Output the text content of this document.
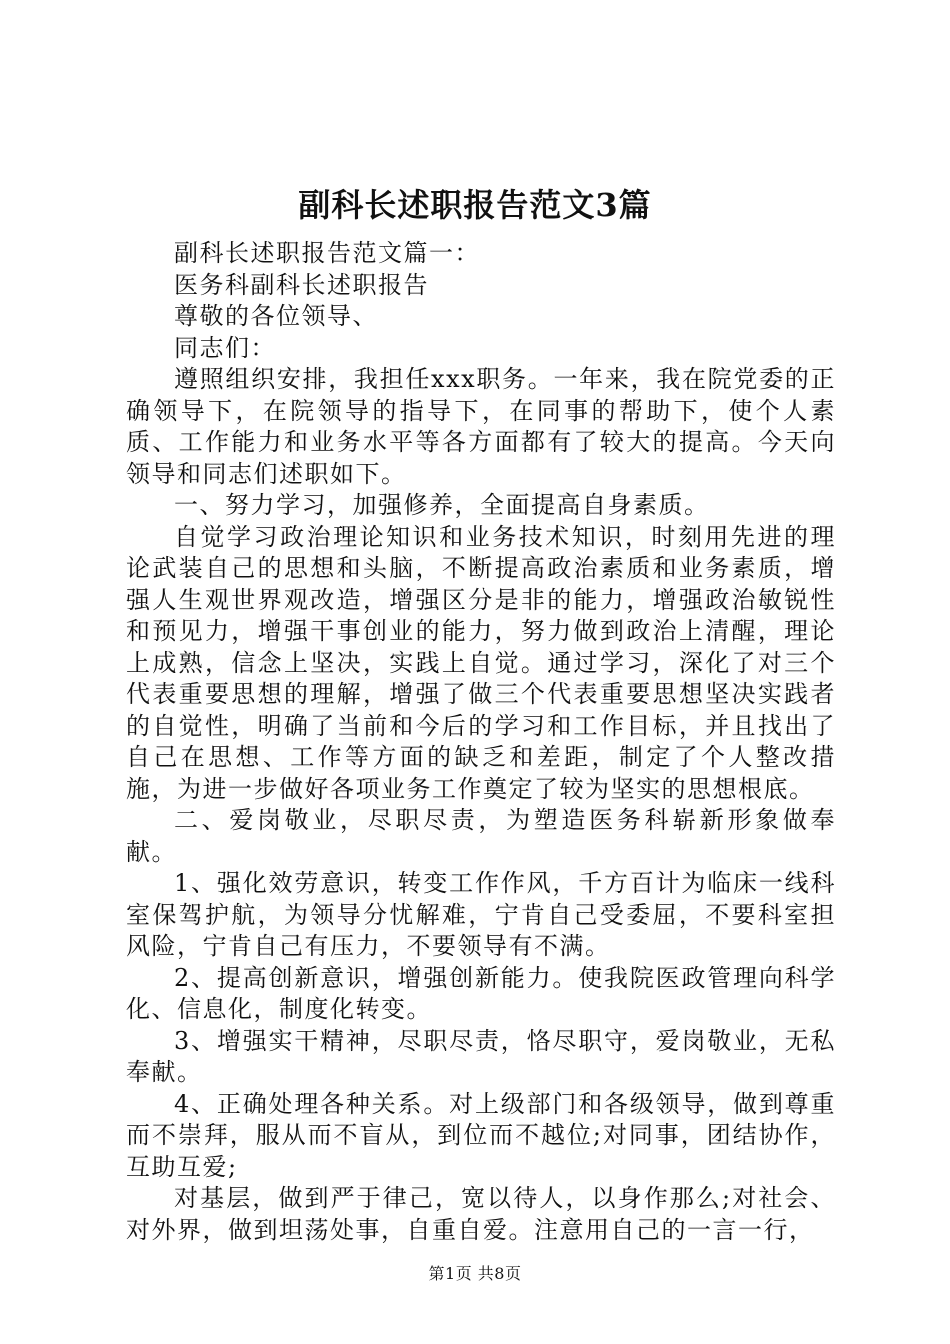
副科长述职报告范文3篇

副科长述职报告范文篇一：

医务科副科长述职报告

尊敬的各位领导、

同志们：

遵照组织安排，我担任xxx职务。一年来，我在院党委的正确领导下，在院领导的指导下，在同事的帮助下，使个人素质、工作能力和业务水平等各方面都有了较大的提高。今天向领导和同志们述职如下。

一、努力学习，加强修养，全面提高自身素质。

自觉学习政治理论知识和业务技术知识，时刻用先进的理论武装自己的思想和头脑，不断提高政治素质和业务素质，增强人生观世界观改造，增强区分是非的能力，增强政治敏锐性和预见力，增强干事创业的能力，努力做到政治上清醒，理论上成熟，信念上坚决，实践上自觉。通过学习，深化了对三个代表重要思想的理解，增强了做三个代表重要思想坚决实践者的自觉性，明确了当前和今后的学习和工作目标，并且找出了自己在思想、工作等方面的缺乏和差距，制定了个人整改措施，为进一步做好各项业务工作奠定了较为坚实的思想根底。

二、爱岗敬业，尽职尽责，为塑造医务科崭新形象做奉献。

1、强化效劳意识，转变工作作风，千方百计为临床一线科室保驾护航，为领导分忧解难，宁肯自己受委屈，不要科室担风险，宁肯自己有压力，不要领导有不满。

2、提高创新意识，增强创新能力。使我院医政管理向科学化、信息化，制度化转变。

3、增强实干精神，尽职尽责，恪尽职守，爱岗敬业，无私奉献。

4、正确处理各种关系。对上级部门和各级领导，做到尊重而不崇拜，服从而不盲从，到位而不越位;对同事，团结协作，互助互爱;

对基层，做到严于律己，宽以待人，以身作那么;对社会、对外界，做到坦荡处事，自重自爱。注意用自己的一言一行，

第1页 共8页
